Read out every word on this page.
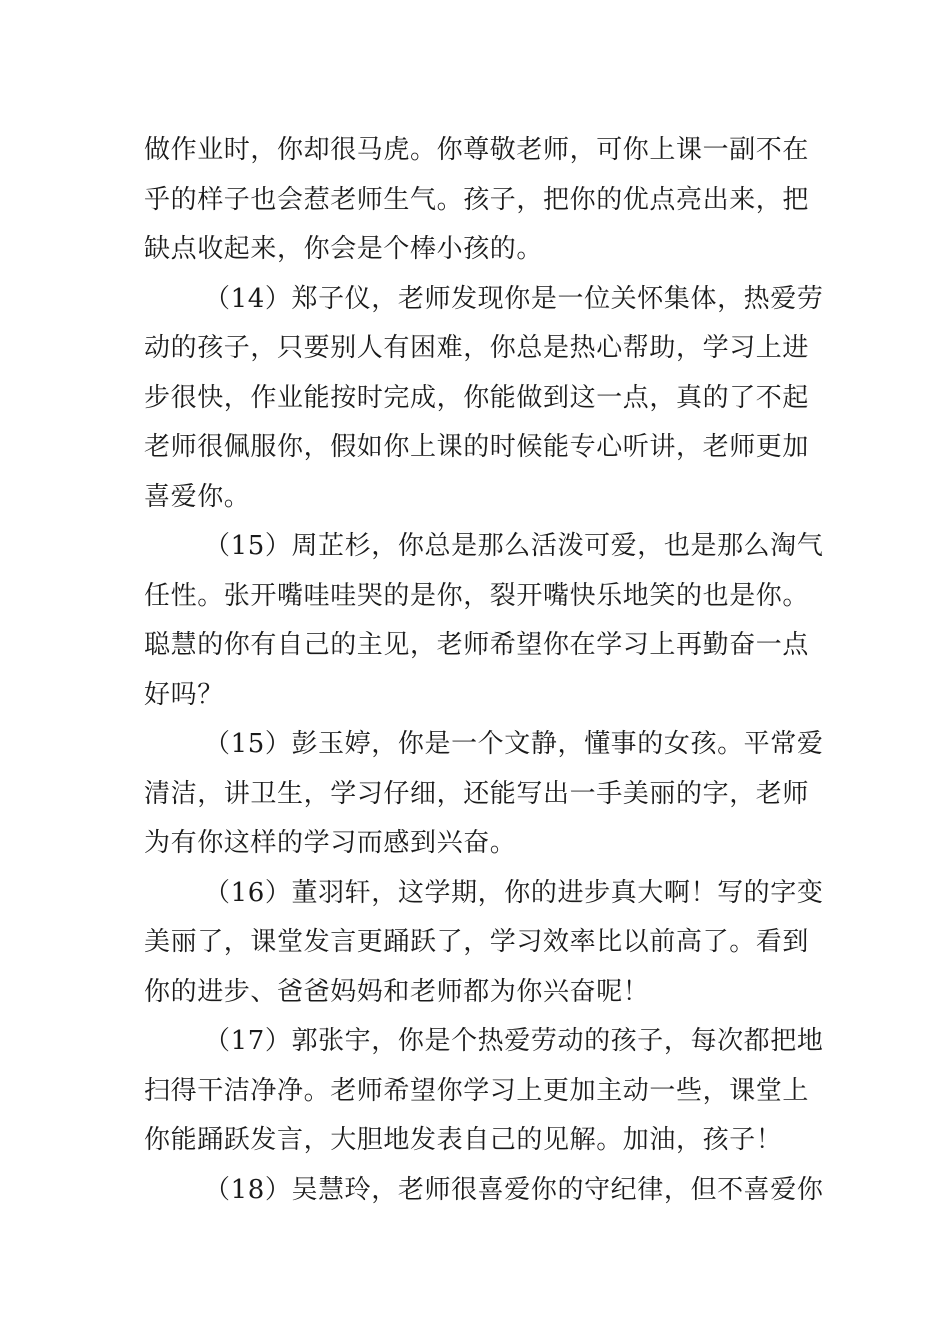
做作业时，你却很马虎。你尊敬老师，可你上课一副不在
乎的样子也会惹老师生气。孩子，把你的优点亮出来，把
缺点收起来，你会是个棒小孩的。
（14）郑子仪，老师发现你是一位关怀集体，热爱劳
动的孩子，只要别人有困难，你总是热心帮助，学习上进
步很快，作业能按时完成，你能做到这一点，真的了不起
老师很佩服你，假如你上课的时候能专心听讲，老师更加
喜爱你。
（15）周芷杉，你总是那么活泼可爱，也是那么淘气
任性。张开嘴哇哇哭的是你，裂开嘴快乐地笑的也是你。
聪慧的你有自己的主见，老师希望你在学习上再勤奋一点
好吗？
（15）彭玉婷，你是一个文静，懂事的女孩。平常爱
清洁，讲卫生，学习仔细，还能写出一手美丽的字，老师
为有你这样的学习而感到兴奋。
（16）董羽轩，这学期，你的进步真大啊！写的字变
美丽了，课堂发言更踊跃了，学习效率比以前高了。看到
你的进步、爸爸妈妈和老师都为你兴奋呢！
（17）郭张宇，你是个热爱劳动的孩子，每次都把地
扫得干洁净净。老师希望你学习上更加主动一些，课堂上
你能踊跃发言，大胆地发表自己的见解。加油，孩子！
（18）吴慧玲，老师很喜爱你的守纪律，但不喜爱你
